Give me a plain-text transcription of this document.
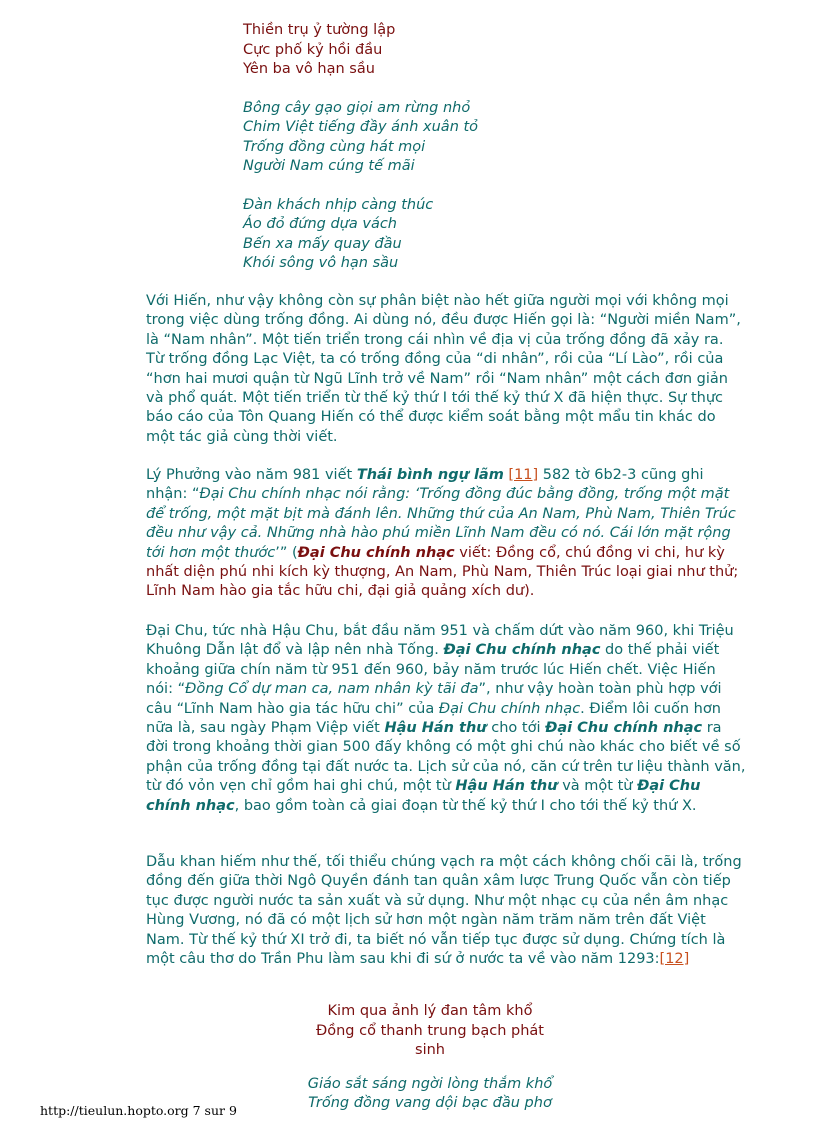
Thiền trụ ỷ tường lập
Cực phố kỷ hồi đầu
Yên ba vô hạn sầu
Bông cây gạo giọi am rừng nhỏ
Chim Việt tiếng đầy ánh xuân tỏ
Trống đồng cùng hát mọi
Người Nam cúng tế mãi
Đàn khách nhịp càng thúc
Áo đỏ đứng dựa vách
Bến xa mấy quay đầu
Khói sông vô hạn sầu

Với Hiến, như vậy không còn sự phân biệt nào hết giữa người mọi với không mọi trong việc dùng trống đồng. Ai dùng nó, đều được Hiến gọi là: “Người miền Nam”, là “Nam nhân”. Một tiến triển trong cái nhìn về địa vị của trống đồng đã xảy ra. Từ trống đồng Lạc Việt, ta có trống đồng của “di nhân”, rồi của “Lí Lào”, rồi của “hơn hai mươi quận từ Ngũ Lĩnh trở về Nam” rồi “Nam nhân” một cách đơn giản và phổ quát. Một tiến triển từ thế kỷ thứ I tới thế kỷ thứ X đã hiện thực. Sự thực báo cáo của Tôn Quang Hiến có thể được kiểm soát bằng một mẩu tin khác do một tác giả cùng thời viết.

Lý Phưởng vào năm 981 viết Thái bình ngự lãm [11] 582 tờ 6b2-3 cũng ghi nhận: “Đại Chu chính nhạc nói rằng: ‘Trống đồng đúc bằng đồng, trống một mặt để trống, một mặt bịt mà đánh lên. Những thứ của An Nam, Phù Nam, Thiên Trúc đều như vậy cả. Những nhà hào phú miền Lĩnh Nam đều có nó. Cái lớn mặt rộng tới hơn một thước’” (Đại Chu chính nhạc viết: Đồng cổ, chú đồng vi chi, hư kỳ nhất diện phú nhi kích kỳ thượng, An Nam, Phù Nam, Thiên Trúc loại giai như thử; Lĩnh Nam hào gia tắc hữu chi, đại giả quảng xích dư).

Đại Chu, tức nhà Hậu Chu, bắt đầu năm 951 và chấm dứt vào năm 960, khi Triệu Khuông Dẫn lật đổ và lập nên nhà Tống. Đại Chu chính nhạc do thế phải viết khoảng giữa chín năm từ 951 đến 960, bảy năm trước lúc Hiến chết. Việc Hiến nói: “Đồng Cổ dự man ca, nam nhân kỳ tãi đa”, như vậy hoàn toàn phù hợp với câu “Lĩnh Nam hào gia tác hữu chi” của Đại Chu chính nhạc. Điểm lôi cuốn hơn nữa là, sau ngày Phạm Việp viết Hậu Hán thư cho tới Đại Chu chính nhạc ra đời trong khoảng thời gian 500 đấy không có một ghi chú nào khác cho biết về số phận của trống đồng tại đất nước ta. Lịch sử của nó, căn cứ trên tư liệu thành văn, từ đó vỏn vẹn chỉ gồm hai ghi chú, một từ Hậu Hán thư và một từ Đại Chu chính nhạc, bao gồm toàn cả giai đoạn từ thế kỷ thứ I cho tới thế kỷ thứ X.

Dẫu khan hiếm như thế, tối thiểu chúng vạch ra một cách không chối cãi là, trống đồng đến giữa thời Ngô Quyền đánh tan quân xâm lược Trung Quốc vẫn còn tiếp tục được người nước ta sản xuất và sử dụng. Như một nhạc cụ của nền âm nhạc Hùng Vương, nó đã có một lịch sử hơn một ngàn năm trăm năm trên đất Việt Nam. Từ thế kỷ thứ XI trở đi, ta biết nó vẫn tiếp tục được sử dụng. Chứng tích là một câu thơ do Trần Phu làm sau khi đi sứ ở nước ta về vào năm 1293:[12]

Kim qua ảnh lý đan tâm khổ
Đồng cổ thanh trung bạch phát sinh
Giáo sắt sáng ngời lòng thắm khổ
Trống đồng vang dội bạc đầu phơ
http://tieulun.hopto.org 7 sur 9
